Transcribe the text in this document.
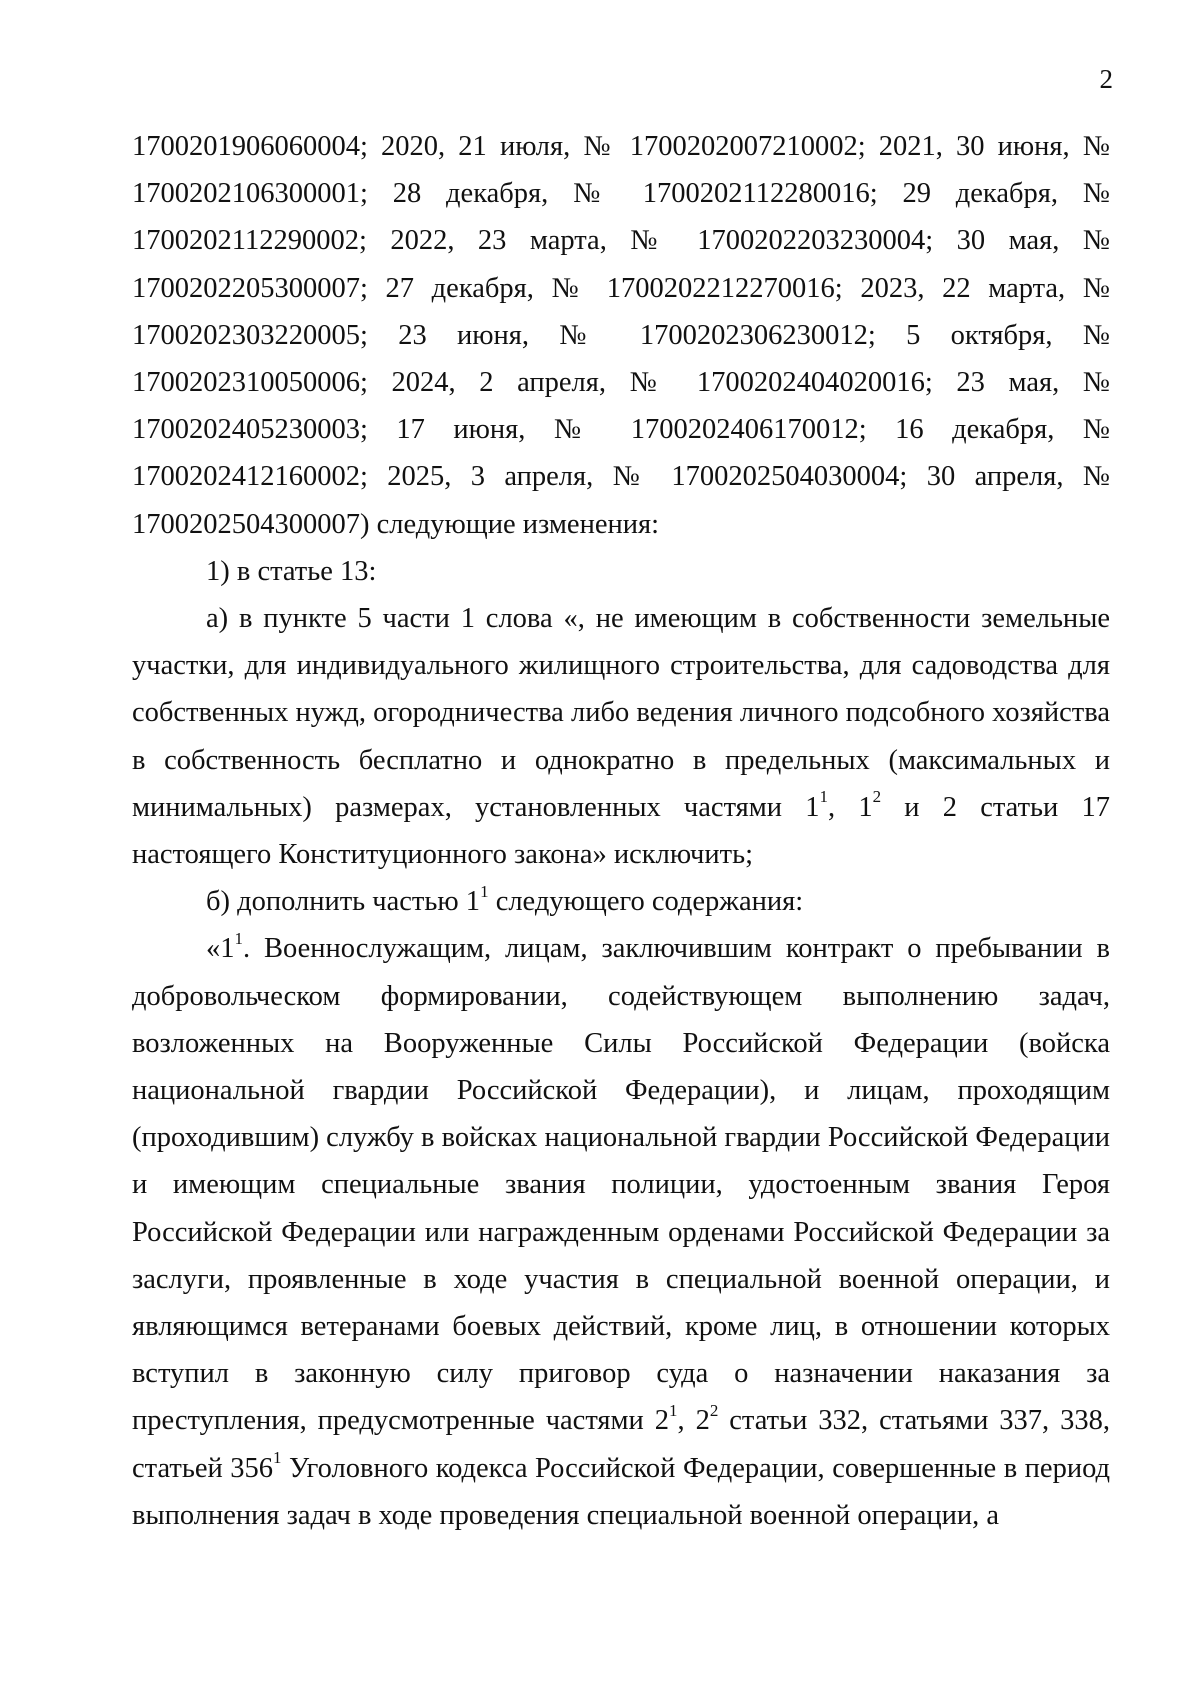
2
1700201906060004; 2020, 21 июля, № 1700202007210002; 2021, 30 июня, №
1700202106300001; 28 декабря, № 1700202112280016; 29 декабря, №
1700202112290002; 2022, 23 марта, № 1700202203230004; 30 мая, №
1700202205300007; 27 декабря, № 1700202212270016; 2023, 22 марта, №
1700202303220005; 23 июня, № 1700202306230012; 5 октября, №
1700202310050006; 2024, 2 апреля, № 1700202404020016; 23 мая, №
1700202405230003; 17 июня, № 1700202406170012; 16 декабря, №
1700202412160002; 2025, 3 апреля, № 1700202504030004; 30 апреля, №

1700202504300007) следующие изменения:

1) в статье 13:

а) в пункте 5 части 1 слова «, не имеющим в собственности земельные участки, для индивидуального жилищного строительства, для садоводства для собственных нужд, огородничества либо ведения личного подсобного хозяйства в собственность бесплатно и однократно в предельных (максимальных и минимальных) размерах, установленных частями $1^1$, $1^2$ и 2 статьи 17 настоящего Конституционного закона» исключить;

б) дополнить частью $1^1$ следующего содержания:

«$1^1$. Военнослужащим, лицам, заключившим контракт о пребывании в добровольческом формировании, содействующем выполнению задач, возложенных на Вооруженные Силы Российской Федерации (войска национальной гвардии Российской Федерации), и лицам, проходящим (проходившим) службу в войсках национальной гвардии Российской Федерации и имеющим специальные звания полиции, удостоенным звания Героя Российской Федерации или награжденным орденами Российской Федерации за заслуги, проявленные в ходе участия в специальной военной операции, и являющимся ветеранами боевых действий, кроме лиц, в отношении которых вступил в законную силу приговор суда о назначении наказания за преступления, предусмотренные частями $2^1$, $2^2$ статьи 332, статьями 337, 338, статьей $356^1$ Уголовного кодекса Российской Федерации, совершенные в период выполнения задач в ходе проведения специальной военной операции, а
